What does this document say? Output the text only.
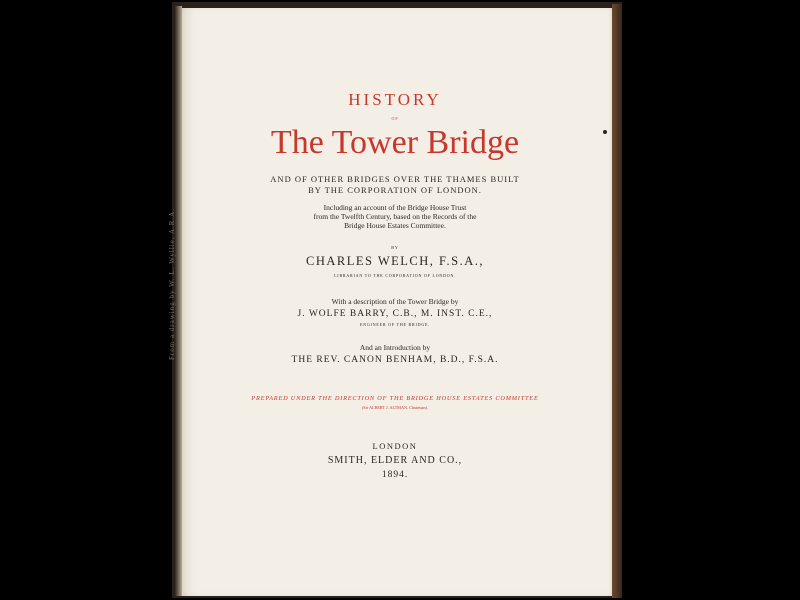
From a drawing by W. L. Wyllie, A.R.A.
HISTORY
OF
The Tower Bridge
AND OF OTHER BRIDGES OVER THE THAMES BUILT
BY THE CORPORATION OF LONDON.
Including an account of the Bridge House Trust
from the Twelfth Century, based on the Records of the
Bridge House Estates Committee.
BY
CHARLES WELCH, F.S.A.,
LIBRARIAN TO THE CORPORATION OF LONDON.
With a description of the Tower Bridge by
J. WOLFE BARRY, C.B., M. INST. C.E.,
ENGINEER OF THE BRIDGE.
And an Introduction by
THE REV. CANON BENHAM, B.D., F.S.A.
PREPARED UNDER THE DIRECTION OF THE BRIDGE HOUSE ESTATES COMMITTEE
(Sir ALBERT J. ALTMAN, Chairman).
LONDON
SMITH, ELDER AND CO.,
1894.
